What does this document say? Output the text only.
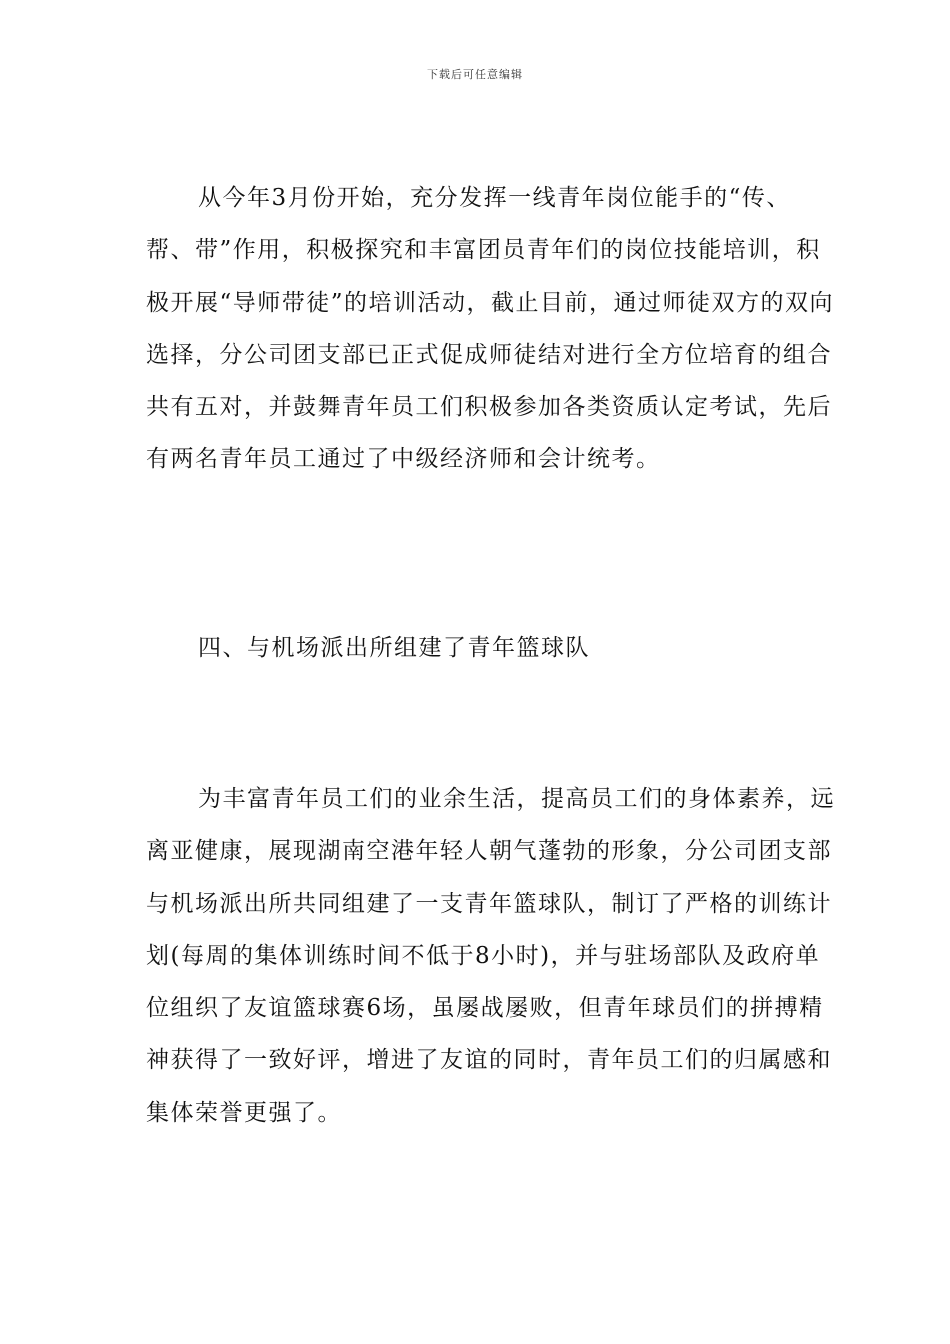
下载后可任意编辑

从今年3月份开始，充分发挥一线青年岗位能手的“传、帮、带”作用，积极探究和丰富团员青年们的岗位技能培训，积极开展“导师带徒”的培训活动，截止目前，通过师徒双方的双向选择，分公司团支部已正式促成师徒结对进行全方位培育的组合共有五对，并鼓舞青年员工们积极参加各类资质认定考试，先后有两名青年员工通过了中级经济师和会计统考。

四、与机场派出所组建了青年篮球队

为丰富青年员工们的业余生活，提高员工们的身体素养，远离亚健康，展现湖南空港年轻人朝气蓬勃的形象，分公司团支部与机场派出所共同组建了一支青年篮球队，制订了严格的训练计划(每周的集体训练时间不低于8小时)，并与驻场部队及政府单位组织了友谊篮球赛6场，虽屡战屡败，但青年球员们的拼搏精神获得了一致好评，增进了友谊的同时，青年员工们的归属感和集体荣誉更强了。
